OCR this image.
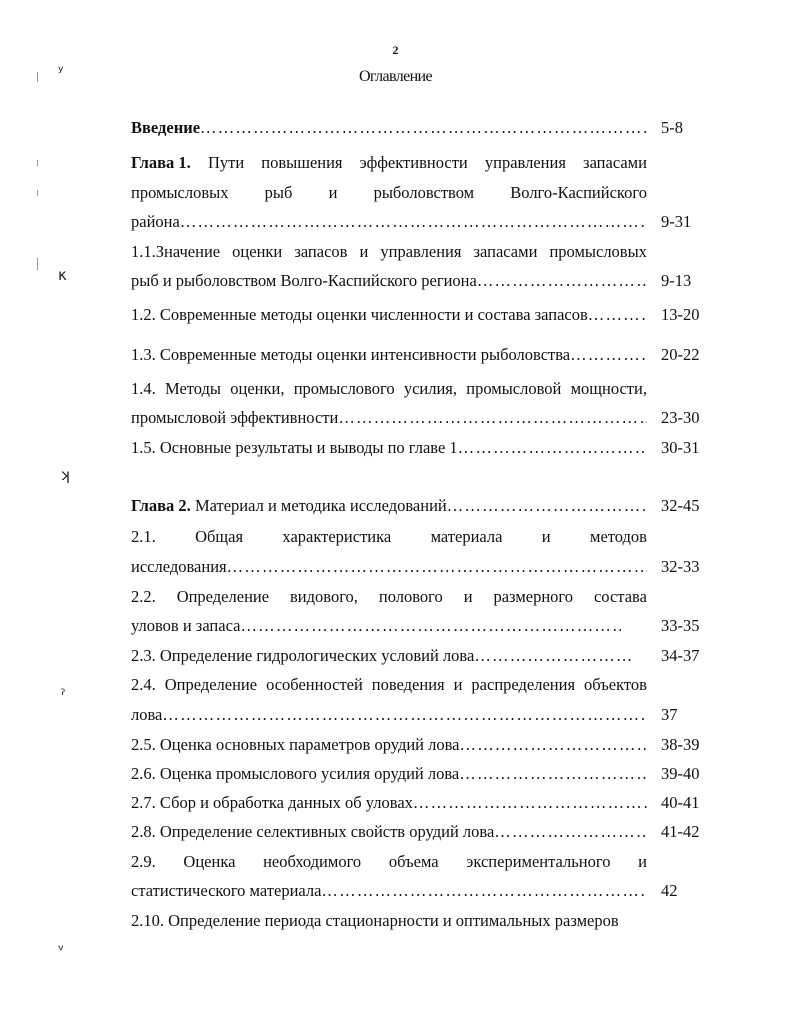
2
Оглавление
ʸ
κ
ʞ
ˀ
ᵛ
Введение …………………………………………………………………………………………………………………………………………	5-8
Глава 1. Пути повышения эффективности управления запасами
промысловых рыб и рыболовством Волго-Каспийского
района …………………………………………………………………………………………………………………………………………	9-31
1.1.Значение оценки запасов и управления запасами промысловых
рыб и рыболовством Волго-Каспийского региона …………………………………………………………………………………………………………………………………………	9-13
1.2. Современные методы оценки численности и состава запасов …………………………………………………………………………………………………………………………………………	13-20
1.3. Современные методы оценки интенсивности рыболовства …………………………………………………………………………………………………………………………………………	20-22
1.4. Методы оценки, промыслового усилия, промысловой мощности,
промысловой эффективности …………………………………………………………………………………………………………………………………………	23-30
1.5. Основные результаты и выводы по главе 1 …………………………………………………………………………………………………………………………………………	30-31
Глава 2. Материал и методика исследований …………………………………………………………………………………………………………………………………………	32-45
2.1. Общая характеристика материала и методов
исследования …………………………………………………………………………………………………………………………………………	32-33
2.2. Определение видового, полового и размерного состава
уловов и запаса …………………………………………………………………………………………………………………………………………	33-35
2.3. Определение гидрологических условий лова …………………………………………………………………………………………………………………………………………	34-37
2.4. Определение особенностей поведения и распределения объектов
лова …………………………………………………………………………………………………………………………………………	37
2.5. Оценка основных параметров орудий лова …………………………………………………………………………………………………………………………………………	38-39
2.6. Оценка промыслового усилия орудий лова …………………………………………………………………………………………………………………………………………	39-40
2.7. Сбор и обработка данных об уловах …………………………………………………………………………………………………………………………………………	40-41
2.8. Определение селективных свойств орудий лова …………………………………………………………………………………………………………………………………………	41-42
2.9. Оценка необходимого объема экспериментального и
статистического материала …………………………………………………………………………………………………………………………………………	42
2.10. Определение периода стационарности и оптимальных размеров
